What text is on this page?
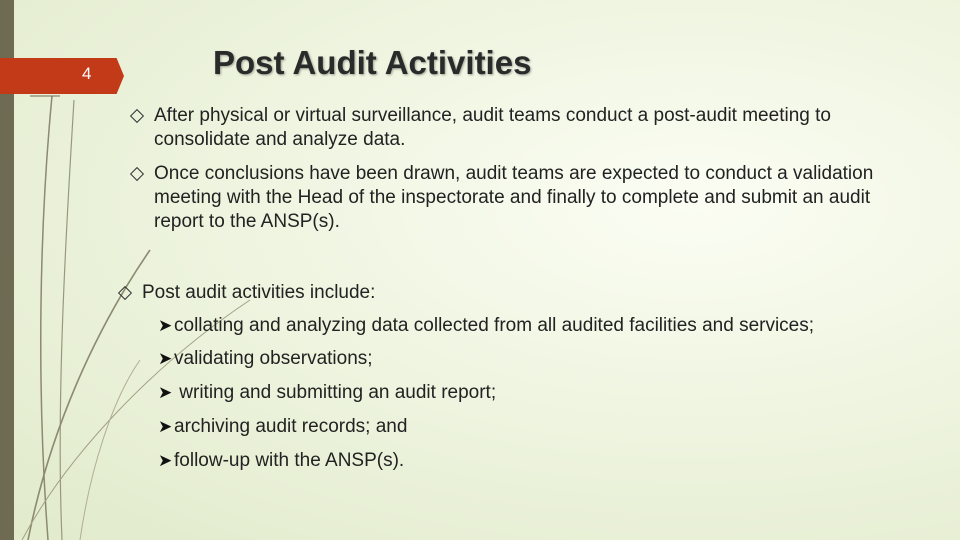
4	Post Audit Activities

After physical or virtual surveillance, audit teams conduct a post-audit meeting to consolidate and analyze data.

Once conclusions have been drawn, audit teams are expected to conduct a validation meeting with the Head of the inspectorate and finally to complete and submit an audit report to the ANSP(s).

Post audit activities include:

➤ collating and analyzing data collected from all audited facilities and services;
➤ validating observations;
➤ writing and submitting an audit report;
➤ archiving audit records; and
➤ follow-up with the ANSP(s).
